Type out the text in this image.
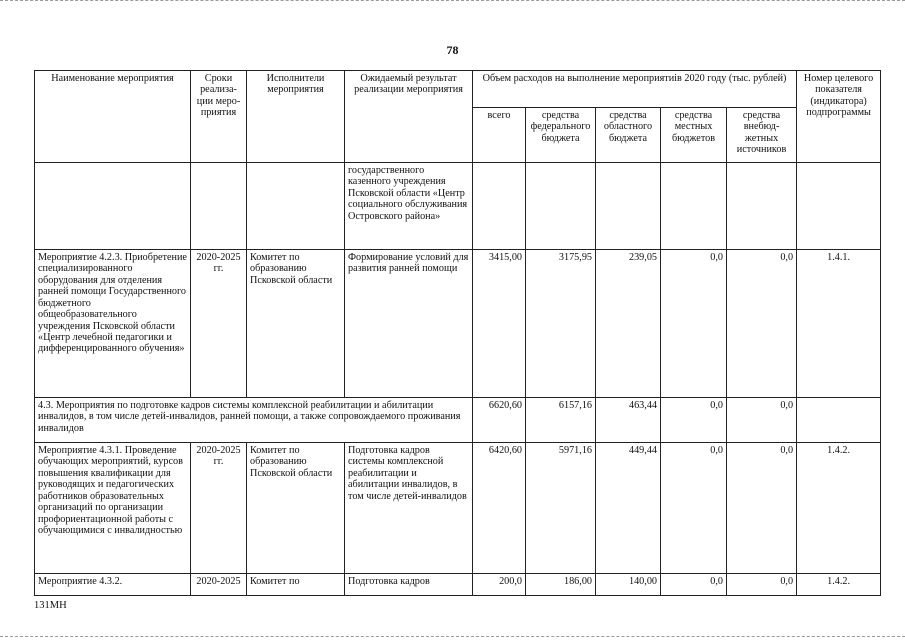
78
Наименование мероприятия	Сроки реализа- ции меро- приятия	Исполнители мероприятия	Ожидаемый результат реализации мероприятия	Объем расходов на выполнение мероприятиів 2020 году (тыс. рублей)					Номер целевого показателя (индикатора) подпрограммы
				всего	средства федерального бюджета	средства областного бюджета	средства местных бюджетов	средства внебюд- жетных источников	
			государственного казенного учреждения Псковской области «Центр социального обслуживания Островского района»						
Мероприятие 4.2.3. Приобретение специализированного оборудования для отделения ранней помощи Государственного бюджетного общеобразовательного учреждения Псковской области «Центр лечебной педагогики и дифференцированного обучения»	2020-2025 гг.	Комитет по образованию Псковской области	Формирование условий для развития ранней помощи	3415,00	3175,95	239,05	0,0	0,0	1.4.1.
4.3. Мероприятия по подготовке кадров системы комплексной реабилитации и абилитации инвалидов, в том числе детей-инвалидов, ранней помощи, а также сопровождаемого проживания инвалидов				6620,60	6157,16	463,44	0,0	0,0	
Мероприятие 4.3.1. Проведение обучающих мероприятий, курсов повышения квалификации для руководящих и педагогических работников образовательных организаций по организации профориентационной работы с обучающимися с инвалидностью	2020-2025 гг.	Комитет по образованию Псковской области	Подготовка кадров системы комплексной реабилитации и абилитации инвалидов, в том числе детей-инвалидов	6420,60	5971,16	449,44	0,0	0,0	1.4.2.
Мероприятие 4.3.2.	2020-2025	Комитет по	Подготовка кадров	200,0	186,00	140,00	0,0	0,0	1.4.2.
131МН
